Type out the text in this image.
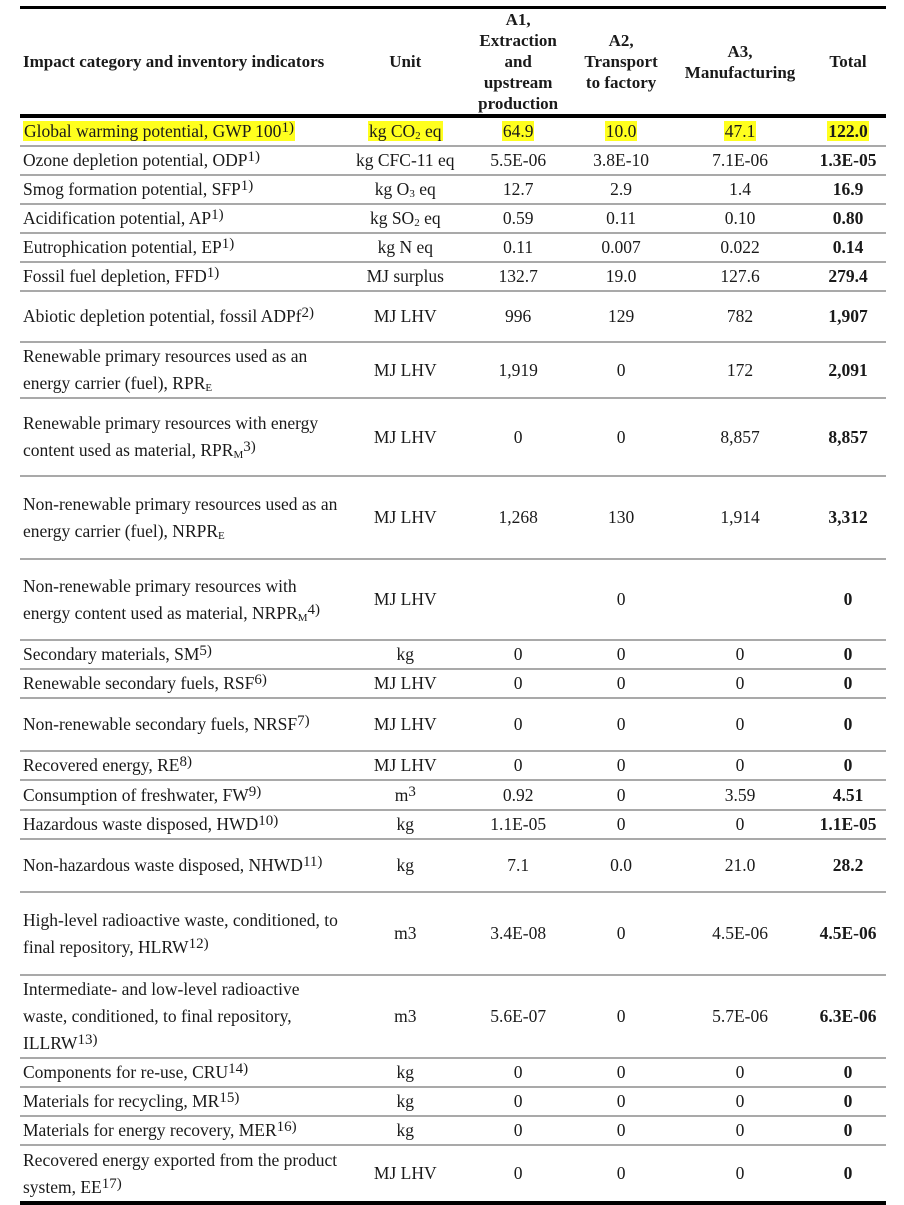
Impact category and inventory indicators	Unit	A1, Extraction and upstream production	A2, Transport to factory	A3, Manufacturing	Total
Global warming potential, GWP 100$^{1)}$	kg $CO_2$ eq	64.9	10.0	47.1	122.0
Ozone depletion potential, ODP$^{1)}$	kg CFC-11 eq	5.5E-06	3.8E-10	7.1E-06	1.3E-05
Smog formation potential, SFP$^{1)}$	kg $O_3$ eq	12.7	2.9	1.4	16.9
Acidification potential, AP$^{1)}$	kg $SO_2$ eq	0.59	0.11	0.10	0.80
Eutrophication potential, EP$^{1)}$	kg N eq	0.11	0.007	0.022	0.14
Fossil fuel depletion, FFD$^{1)}$	MJ surplus	132.7	19.0	127.6	279.4
Abiotic depletion potential, fossil ADPf$^{2)}$	MJ LHV	996	129	782	1,907
Renewable primary resources used as an energy carrier (fuel), $RPR_E$	MJ LHV	1,919	0	172	2,091
Renewable primary resources with energy content used as material, $RPR_M^{3)}$	MJ LHV	0	0	8,857	8,857
Non-renewable primary resources used as an energy carrier (fuel), $NRPR_E$	MJ LHV	1,268	130	1,914	3,312
Non-renewable primary resources with energy content used as material, $NRPR_M^{4)}$	MJ LHV		0		0
Secondary materials, SM$^{5)}$	kg	0	0	0	0
Renewable secondary fuels, RSF$^{6)}$	MJ LHV	0	0	0	0
Non-renewable secondary fuels, NRSF$^{7)}$	MJ LHV	0	0	0	0
Recovered energy, RE$^{8)}$	MJ LHV	0	0	0	0
Consumption of freshwater, FW$^{9)}$	$m^3$	0.92	0	3.59	4.51
Hazardous waste disposed, HWD$^{10)}$	kg	1.1E-05	0	0	1.1E-05
Non-hazardous waste disposed, NHWD$^{11)}$	kg	7.1	0.0	21.0	28.2
High-level radioactive waste, conditioned, to final repository, HLRW$^{12)}$	m3	3.4E-08	0	4.5E-06	4.5E-06
Intermediate- and low-level radioactive waste, conditioned, to final repository, ILLRW$^{13)}$	m3	5.6E-07	0	5.7E-06	6.3E-06
Components for re-use, CRU$^{14)}$	kg	0	0	0	0
Materials for recycling, MR$^{15)}$	kg	0	0	0	0
Materials for energy recovery, MER$^{16)}$	kg	0	0	0	0
Recovered energy exported from the product system, EE$^{17)}$	MJ LHV	0	0	0	0
